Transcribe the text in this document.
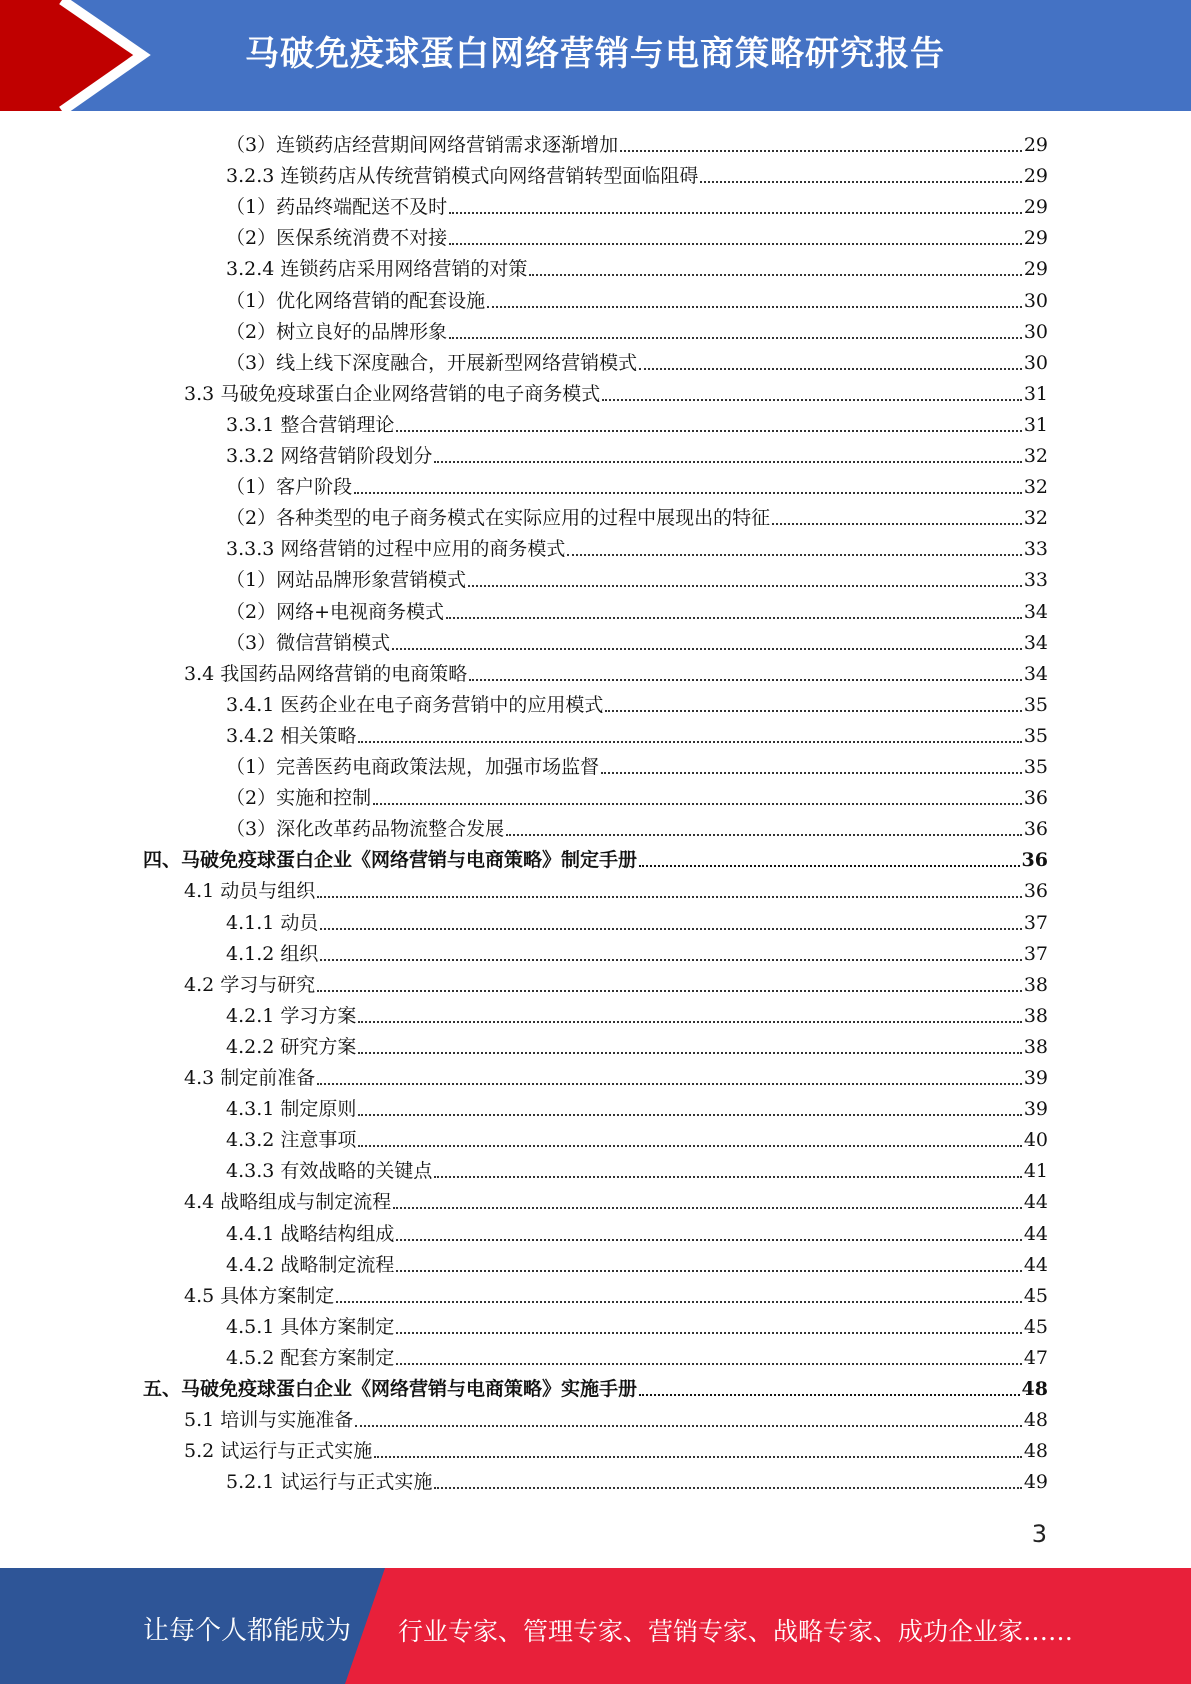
马破免疫球蛋白网络营销与电商策略研究报告
（3）连锁药店经营期间网络营销需求逐渐增加	29
3.2.3 连锁药店从传统营销模式向网络营销转型面临阻碍	29
（1）药品终端配送不及时	29
（2）医保系统消费不对接	29
3.2.4 连锁药店采用网络营销的对策	29
（1）优化网络营销的配套设施	30
（2）树立良好的品牌形象	30
（3）线上线下深度融合，开展新型网络营销模式	30
3.3 马破免疫球蛋白企业网络营销的电子商务模式	31
3.3.1 整合营销理论	31
3.3.2 网络营销阶段划分	32
（1）客户阶段	32
（2）各种类型的电子商务模式在实际应用的过程中展现出的特征	32
3.3.3 网络营销的过程中应用的商务模式	33
（1）网站品牌形象营销模式	33
（2）网络+电视商务模式	34
（3）微信营销模式	34
3.4 我国药品网络营销的电商策略	34
3.4.1 医药企业在电子商务营销中的应用模式	35
3.4.2 相关策略	35
（1）完善医药电商政策法规，加强市场监督	35
（2）实施和控制	36
（3）深化改革药品物流整合发展	36
四、马破免疫球蛋白企业《网络营销与电商策略》制定手册	36
4.1 动员与组织	36
4.1.1 动员	37
4.1.2 组织	37
4.2 学习与研究	38
4.2.1 学习方案	38
4.2.2 研究方案	38
4.3 制定前准备	39
4.3.1 制定原则	39
4.3.2 注意事项	40
4.3.3 有效战略的关键点	41
4.4 战略组成与制定流程	44
4.4.1 战略结构组成	44
4.4.2 战略制定流程	44
4.5 具体方案制定	45
4.5.1 具体方案制定	45
4.5.2 配套方案制定	47
五、马破免疫球蛋白企业《网络营销与电商策略》实施手册	48
5.1 培训与实施准备	48
5.2 试运行与正式实施	48
5.2.1 试运行与正式实施	49
3
让每个人都能成为 行业专家、管理专家、营销专家、战略专家、成功企业家……
